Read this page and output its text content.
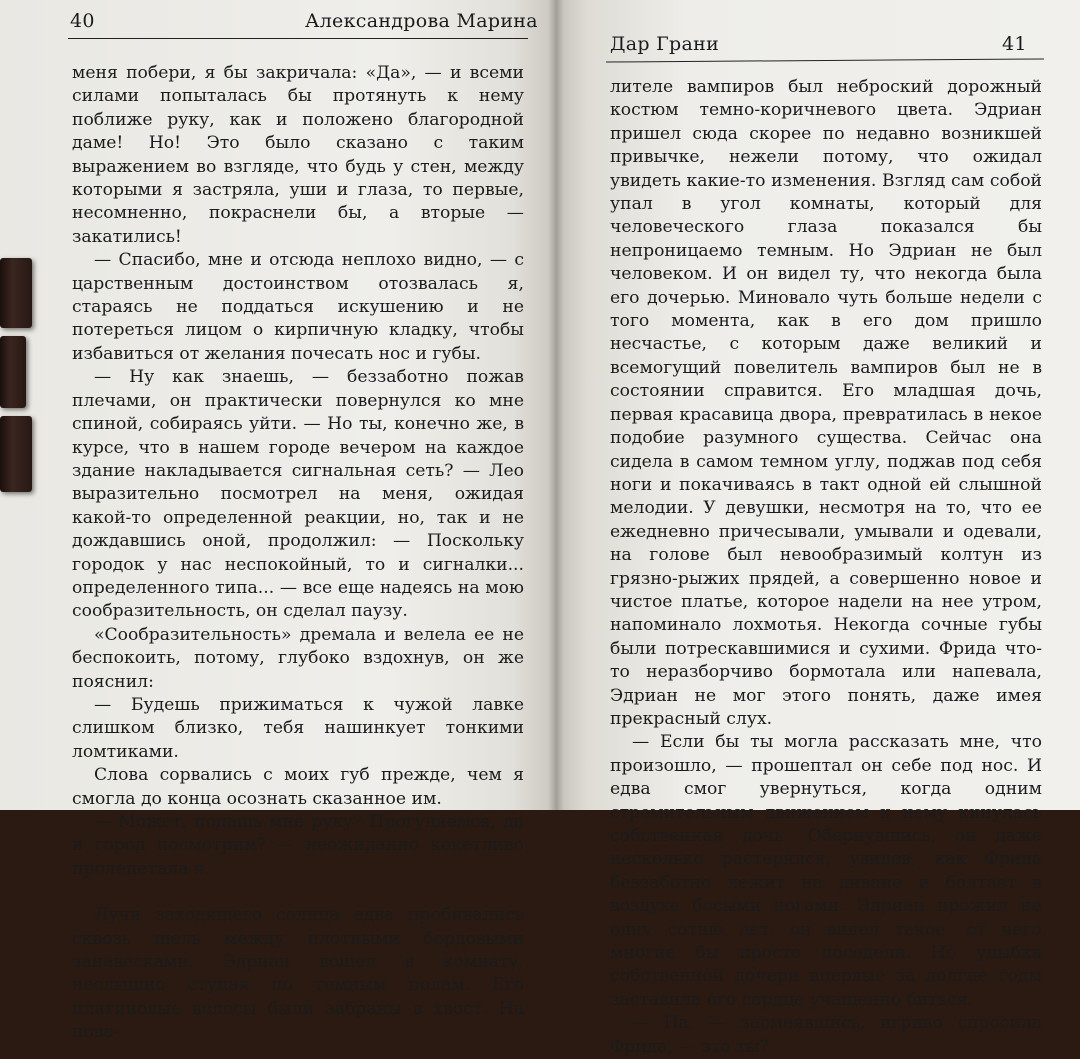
40	Александрова Марина

меня побери, я бы закричала: «Да», — и всеми силами попыталась бы протянуть к нему поближе руку, как и положено благородной даме! Но! Это было сказано с таким выражением во взгляде, что будь у стен, между которыми я застряла, уши и глаза, то первые, несомненно, покраснели бы, а вторые — закатились!

— Спасибо, мне и отсюда неплохо видно, — с царственным достоинством отозвалась я, стараясь не поддаться искушению и не потереться лицом о кирпичную кладку, чтобы избавиться от желания почесать нос и губы.

— Ну как знаешь, — беззаботно пожав плечами, он практически повернулся ко мне спиной, собираясь уйти. — Но ты, конечно же, в курсе, что в нашем городе вечером на каждое здание накладывается сигнальная сеть? — Лео выразительно посмотрел на меня, ожидая какой-то определенной реакции, но, так и не дождавшись оной, продолжил: — Поскольку городок у нас неспокойный, то и сигналки... определенного типа... — все еще надеясь на мою сообразительность, он сделал паузу.

«Сообразительность» дремала и велела ее не беспокоить, потому, глубоко вздохнув, он же пояснил:

— Будешь прижиматься к чужой лавке слишком близко, тебя нашинкует тонкими ломтиками.

Слова сорвались с моих губ прежде, чем я смогла до конца осознать сказанное им.

— Может, подашь мне руку? Прогуляемся, да и город посмотрим? — неожиданно кокетливо пролепетала я.

Лучи заходящего солнца едва пробивались сквозь щель между плотными бордовыми занавесками. Эдриан вошел в комнату, неслышно ступая по темным полам. Его платиновые волосы были забраны в хвост. На пове-

Дар Грани	41

лителе вампиров был неброский дорожный костюм темно-коричневого цвета. Эдриан пришел сюда скорее по недавно возникшей привычке, нежели потому, что ожидал увидеть какие-то изменения. Взгляд сам собой упал в угол комнаты, который для человеческого глаза показался бы непроницаемо темным. Но Эдриан не был человеком. И он видел ту, что некогда была его дочерью. Миновало чуть больше недели с того момента, как в его дом пришло несчастье, с которым даже великий и всемогущий повелитель вампиров был не в состоянии справится. Его младшая дочь, первая красавица двора, превратилась в некое подобие разумного существа. Сейчас она сидела в самом темном углу, поджав под себя ноги и покачиваясь в такт одной ей слышной мелодии. У девушки, несмотря на то, что ее ежедневно причесывали, умывали и одевали, на голове был невообразимый колтун из грязно-рыжих прядей, а совершенно новое и чистое платье, которое надели на нее утром, напоминало лохмотья. Некогда сочные губы были потрескавшимися и сухими. Фрида что-то неразборчиво бормотала или напевала, Эдриан не мог этого понять, даже имея прекрасный слух.

— Если бы ты могла рассказать мне, что произошло, — прошептал он себе под нос. И едва смог увернуться, когда одним стремительным движением к нему кинулась собственная дочь. Обернувшись, он даже несколько растерялся, увидев, как Фрида беззаботно лежит на диване и болтает в воздухе босыми ногами. Эдриан прожил не одну сотню лет, он видел такое, от чего многие бы просто поседели. Но улыбка собственной дочери впервые за долгие годы заставила его сердце учащенно биться.

— Па, — засмеявшись, игриво спросила Фрида, — это ты?
